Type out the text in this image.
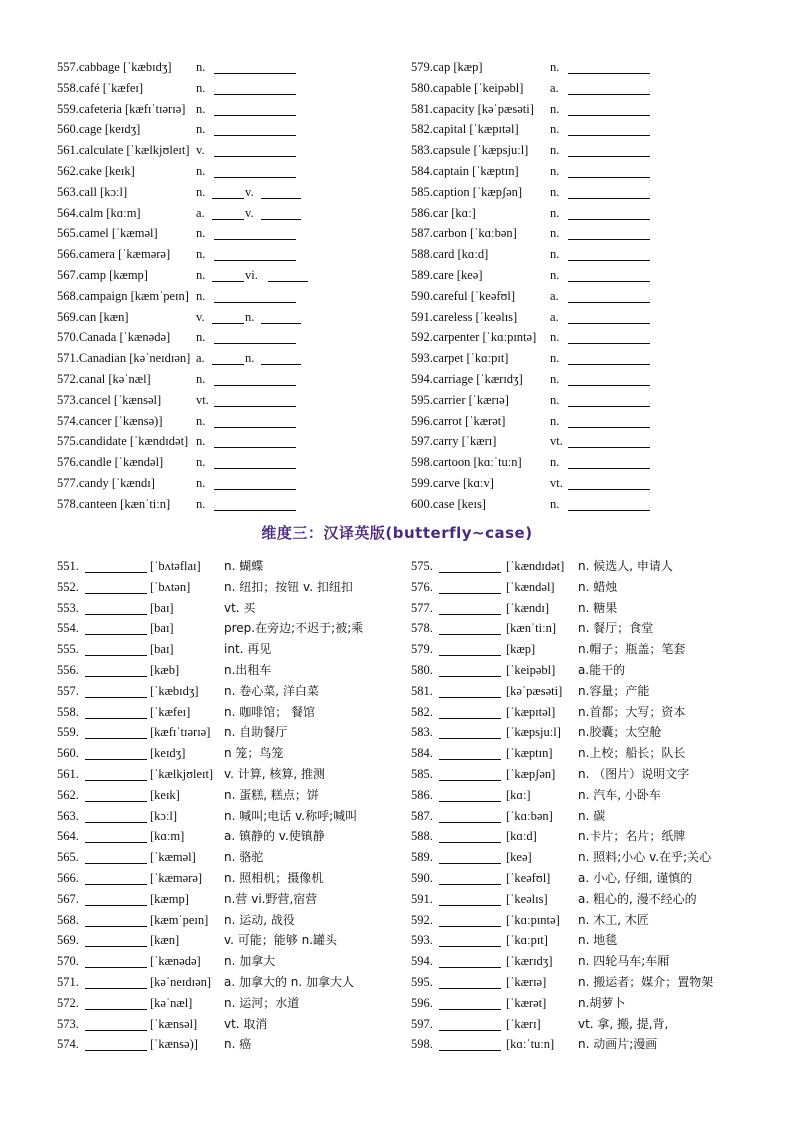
维度三：汉译英版(butterfly~case)
557.cabbage [ˈkæbɪdʒ] n.
558.café [ˈkæfeɪ]	n.
559.cafeteria [kæfɪˈtɪərɪə] n.
560.cage [keɪdʒ]	n.
561.calculate [ˈkælkjʊleɪt] v.
562.cake [keɪk]	n.
563.call [kɔːl]	n.	v.
564.calm [kɑːm]	a.	v.
565.camel [ˈkæməl]	n.
566.camera [ˈkæmərə] n.
567.camp [kæmp]	n.	vi.
568.campaign [kæmˈpeɪn] n.
569.can [kæn]	v.	n.
570.Canada [ˈkænədə] n.
571.Canadian [kəˈneɪdɪən] a.	n.
572.canal [kəˈnæl]	n.
573.cancel [ˈkænsəl]	vt.
574.cancer [ˈkænsə)]	n.
575.candidate [ˈkændɪdət] n.
576.candle [ˈkændəl]	n.
577.candy [ˈkændɪ]	n.
578.canteen [kænˈtiːn] n.
579.cap [kæp]	n.
580.capable [ˈkeipəbl] a.
581.capacity [kəˈpæsəti] n.
582.capital [ˈkæpɪtəl]	n.
583.capsule [ˈkæpsjuːl] n.
584.captain [ˈkæptɪn]	n.
585.caption [ˈkæpʃən] n.
586.car [kɑː]	n.
587.carbon [ˈkɑːbən]	n.
588.card [kɑːd]	n.
589.care [keə]	n.
590.careful [ˈkeəfʊl]	a.
591.careless [ˈkeəlɪs]	a.
592.carpenter [ˈkɑːpɪntə] n.
593.carpet [ˈkɑːpɪt]	n.
594.carriage [ˈkærɪdʒ] n.
595.carrier [ˈkærɪə]	n.
596.carrot [ˈkærət]	n.
597.carry [ˈkærɪ]	vt.
598.cartoon [kɑːˈtuːn] n.
599.carve [kɑːv]	vt.
600.case [keɪs]	n.
551.	[ˈbʌtəflaɪ] n. 蝴蝶
552.	[ˈbʌtən]	n. 纽扣；按钮 v. 扣纽扣
553.	[baɪ]	vt. 买
554.	[baɪ]	prep.在旁边;不迟于;被;乘
555.	[baɪ]	int. 再见
556.	[kæb]	n.出租车
557.	[ˈkæbɪdʒ] n. 卷心菜, 洋白菜
558.	[ˈkæfeɪ]	n. 咖啡馆； 餐馆
559.	[kæfɪˈtɪərɪə] n. 自助餐厅
560.	[keɪdʒ]	n 笼；鸟笼
561.	[ˈkælkjʊleɪt] v. 计算, 核算, 推测
562.	[keɪk]	n. 蛋糕, 糕点；饼
563.	[kɔːl]	n. 喊叫;电话 v.称呼;喊叫
564.	[kɑːm]	a. 镇静的 v.使镇静
565.	[ˈkæməl] n. 骆驼
566.	[ˈkæmərə] n. 照相机；摄像机
567.	[kæmp]	n.营 vi.野营,宿营
568.	[kæmˈpeɪn] n. 运动, 战役
569.	[kæn]	v. 可能；能够 n.罐头
570.	[ˈkænədə] n. 加拿大
571.	[kəˈneɪdɪən] a. 加拿大的 n. 加拿大人
572.	[kəˈnæl]	n. 运河；水道
573.	[ˈkænsəl] vt. 取消
574.	[ˈkænsə)] n. 癌
575.	[ˈkændɪdət] n. 候选人, 申请人
576.	[ˈkændəl] n. 蜡烛
577.	[ˈkændɪ] n. 糖果
578.	[kænˈtiːn] n. 餐厅；食堂
579.	[kæp]	n.帽子；瓶盖；笔套
580.	[ˈkeipəbl] a.能干的
581.	[kəˈpæsəti] n.容量；产能
582.	[ˈkæpɪtəl] n.首都；大写；资本
583.	[ˈkæpsjuːl] n.胶囊；太空舱
584.	[ˈkæptɪn] n.上校；船长；队长
585.	[ˈkæpʃən] n. （图片）说明文字
586.	[kɑː]	n. 汽车, 小卧车
587.	[ˈkɑːbən] n. 碳
588.	[kɑːd]	n.卡片；名片；纸牌
589.	[keə]	n. 照料;小心 v.在乎;关心
590.	[ˈkeəfʊl] a. 小心, 仔细, 谨慎的
591.	[ˈkeəlɪs]	a. 粗心的, 漫不经心的
592.	[ˈkɑːpɪntə] n. 木工, 木匠
593.	[ˈkɑːpɪt]	n. 地毯
594.	[ˈkærɪdʒ] n. 四轮马车;车厢
595.	[ˈkærɪə]	n. 搬运者；媒介；置物架
596.	[ˈkærət]	n.胡萝卜
597.	[ˈkærɪ]	vt. 拿, 搬, 提,背,
598.	[kɑːˈtuːn] n. 动画片;漫画
